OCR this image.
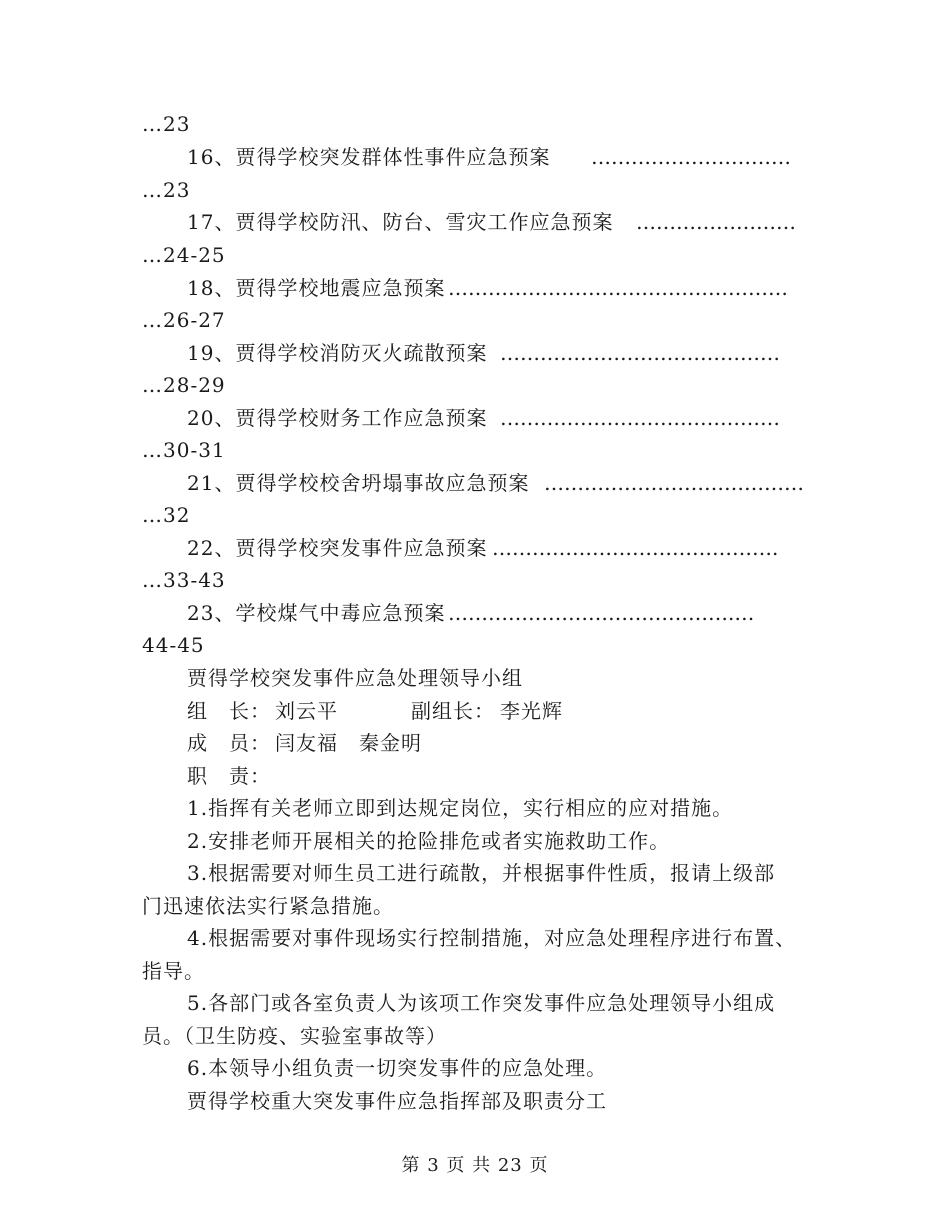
…23
16、贾得学校突发群体性事件应急预案 …………………………
…23
17、贾得学校防汛、防台、雪灾工作应急预案 ……………………
…24-25
18、贾得学校地震应急预案 ……………………………………………
…26-27
19、贾得学校消防灭火疏散预案 ……………………………………
…28-29
20、贾得学校财务工作应急预案 ……………………………………
…30-31
21、贾得学校校舍坍塌事故应急预案 …………………………………
…32
22、贾得学校突发事件应急预案 …………………………………….
…33-43
23、学校煤气中毒应急预案 …………………………………….…
44-45
贾得学校突发事件应急处理领导小组
组　长： 刘云平	副组长： 李光辉
成　员： 闫友福　秦金明
职　责：
1.指挥有关老师立即到达规定岗位，实行相应的应对措施。
2.安排老师开展相关的抢险排危或者实施救助工作。
3.根据需要对师生员工进行疏散，并根据事件性质，报请上级部
门迅速依法实行紧急措施。
4.根据需要对事件现场实行控制措施，对应急处理程序进行布置、
指导。
5.各部门或各室负责人为该项工作突发事件应急处理领导小组成
员。（卫生防疫、实验室事故等）
6.本领导小组负责一切突发事件的应急处理。
贾得学校重大突发事件应急指挥部及职责分工
第 3 页 共 23 页
